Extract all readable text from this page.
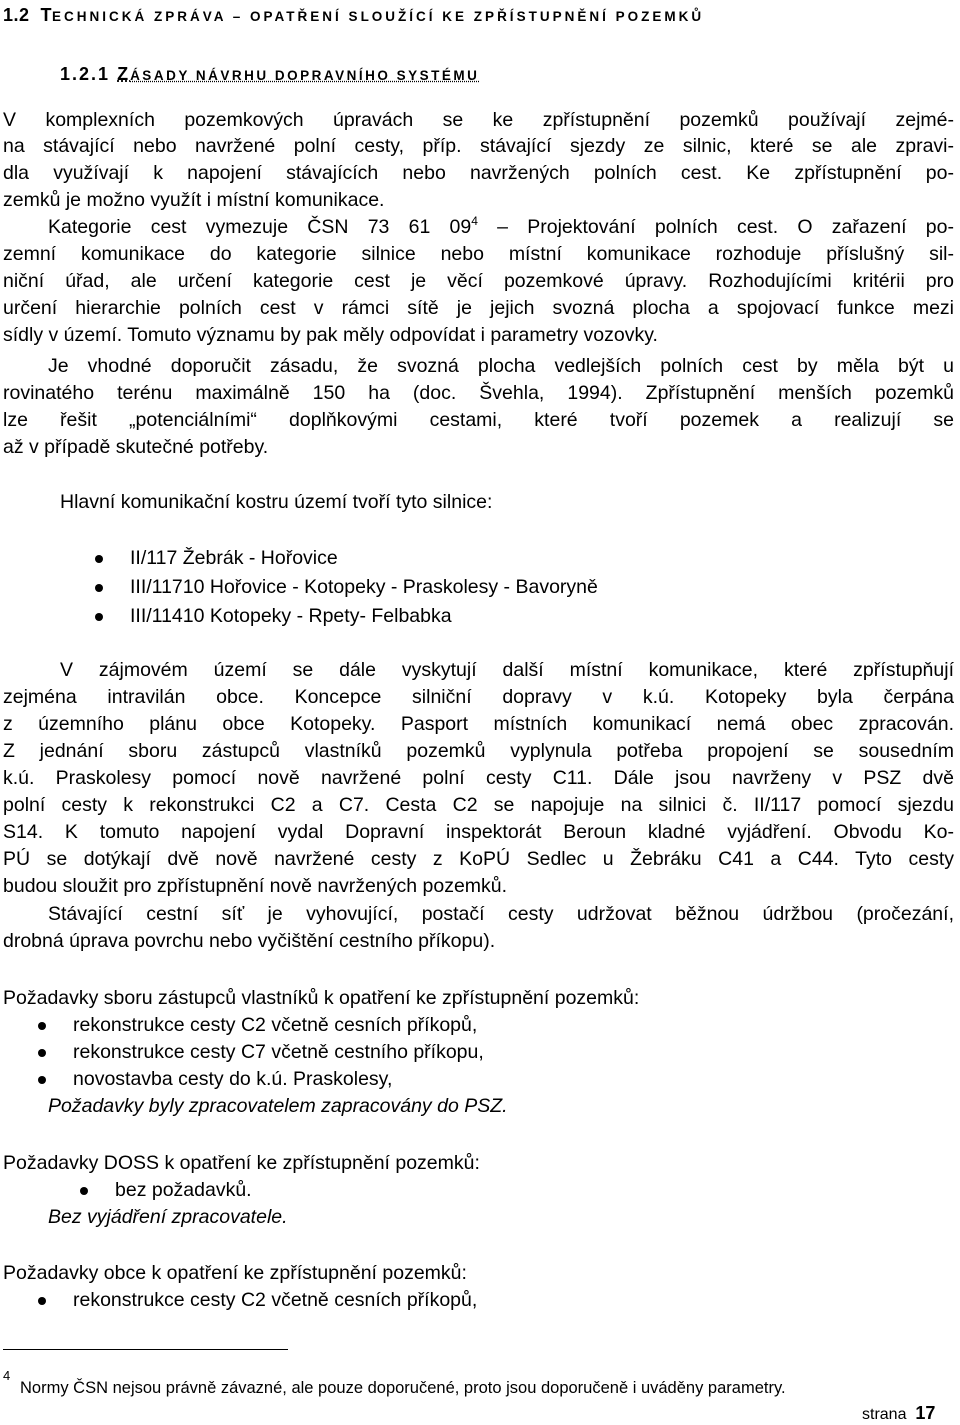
1.2 TECHNICKÁ ZPRÁVA – OPATŘENÍ SLOUŽÍCÍ KE ZPŘÍSTUPNĚNÍ POZEMKŮ
1.2.1 ZÁSADY NÁVRHU DOPRAVNÍHO SYSTÉMU
V komplexních pozemkových úpravách se ke zpřístupnění pozemků používají zejmé-
na stávající nebo navržené polní cesty, příp. stávající sjezdy ze silnic, které se ale zpravi-
dla využívají k napojení stávajících nebo navržených polních cest. Ke zpřístupnění po-
zemků je možno využít i místní komunikace.
Kategorie cest vymezuje ČSN 73 61 $09^4$ – Projektování polních cest. O zařazení po-
zemní komunikace do kategorie silnice nebo místní komunikace rozhoduje příslušný sil-
niční úřad, ale určení kategorie cest je věcí pozemkové úpravy. Rozhodujícími kritérii pro
určení hierarchie polních cest v rámci sítě je jejich svozná plocha a spojovací funkce mezi
sídly v území. Tomuto významu by pak měly odpovídat i parametry vozovky.
Je vhodné doporučit zásadu, že svozná plocha vedlejších polních cest by měla být u
rovinatého terénu maximálně 150 ha (doc. Švehla, 1994). Zpřístupnění menších pozemků
lze řešit „potenciálními“ doplňkovými cestami, které tvoří pozemek a realizují se
až v případě skutečné potřeby.
Hlavní komunikační kostru území tvoří tyto silnice:
II/117 Žebrák - Hořovice
III/11710 Hořovice - Kotopeky - Praskolesy - Bavoryně
III/11410 Kotopeky - Rpety- Felbabka
V zájmovém území se dále vyskytují další místní komunikace, které zpřístupňují
zejména intravilán obce. Koncepce silniční dopravy v k.ú. Kotopeky byla čerpána
z územního plánu obce Kotopeky. Pasport místních komunikací nemá obec zpracován.
Z jednání sboru zástupců vlastníků pozemků vyplynula potřeba propojení se sousedním
k.ú. Praskolesy pomocí nově navržené polní cesty C11. Dále jsou navrženy v PSZ dvě
polní cesty k rekonstrukci C2 a C7. Cesta C2 se napojuje na silnici č. II/117 pomocí sjezdu
S14. K tomuto napojení vydal Dopravní inspektorát Beroun kladné vyjádření. Obvodu Ko-
PÚ se dotýkají dvě nově navržené cesty z KoPÚ Sedlec u Žebráku C41 a C44. Tyto cesty
budou sloužit pro zpřístupnění nově navržených pozemků.
Stávající cestní síť je vyhovující, postačí cesty udržovat běžnou údržbou (pročezání,
drobná úprava povrchu nebo vyčištění cestního příkopu).
Požadavky sboru zástupců vlastníků k opatření ke zpřístupnění pozemků:
rekonstrukce cesty C2 včetně cesních příkopů,
rekonstrukce cesty C7 včetně cestního příkopu,
novostavba cesty do k.ú. Praskolesy,
Požadavky byly zpracovatelem zapracovány do PSZ.
Požadavky DOSS k opatření ke zpřístupnění pozemků:
bez požadavků.
Bez vyjádření zpracovatele.
Požadavky obce k opatření ke zpřístupnění pozemků:
rekonstrukce cesty C2 včetně cesních příkopů,
4
Normy ČSN nejsou právně závazné, ale pouze doporučené, proto jsou doporučeně i uváděny parametry.
strana 17
